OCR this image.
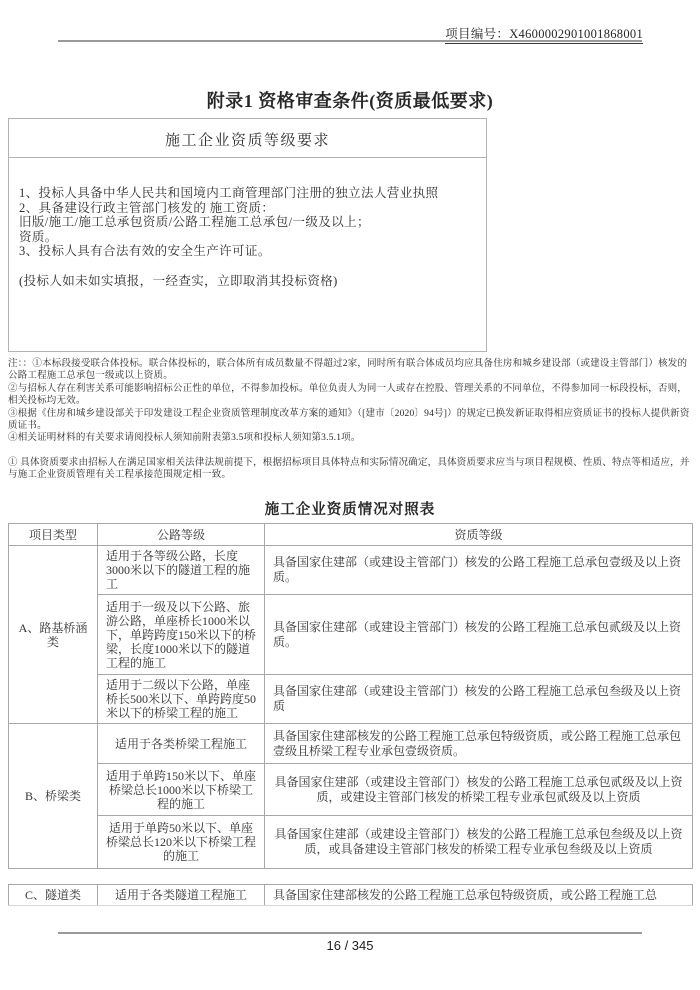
项目编号：X4600002901001868001
附录1 资格审查条件(资质最低要求)
施工企业资质等级要求
1、投标人具备中华人民共和国境内工商管理部门注册的独立法人营业执照
2、具备建设行政主管部门核发的 施工资质：
旧版/施工/施工总承包资质/公路工程施工总承包/一级及以上；
资质。
3、投标人具有合法有效的安全生产许可证。
(投标人如未如实填报，一经查实，立即取消其投标资格)

注：：①本标段接受联合体投标。联合体投标的，联合体所有成员数量不得超过2家，同时所有联合体成员均应具备住房和城乡建设部（或建设主管部门）核发的公路工程施工总承包一级或以上资质。

②与招标人存在利害关系可能影响招标公正性的单位，不得参加投标。单位负责人为同一人或存在控股、管理关系的不同单位，不得参加同一标段投标，否则，相关投标均无效。

③根据《住房和城乡建设部关于印发建设工程企业资质管理制度改革方案的通知》（[建市〔2020〕94号]）的规定已换发新证取得相应资质证书的投标人提供新资质证书。

④相关证明材料的有关要求请阅投标人须知前附表第3.5项和投标人须知第3.5.1项。

① 具体资质要求由招标人在满足国家相关法律法规前提下，根据招标项目具体特点和实际情况确定，具体资质要求应当与项目程规模、性质、特点等相适应，并与施工企业资质管理有关工程承接范围规定相一致。

施工企业资质情况对照表
项目类型	公路等级	资质等级
A、路基桥涵类	适用于各等级公路，长度3000米以下的隧道工程的施工	具备国家住建部（或建设主管部门）核发的公路工程施工总承包壹级及以上资质。
	适用于一级及以下公路、旅游公路，单座桥长1000米以下，单跨跨度150米以下的桥梁，长度1000米以下的隧道工程的施工	具备国家住建部（或建设主管部门）核发的公路工程施工总承包贰级及以上资质。
	适用于二级以下公路，单座桥长500米以下、单跨跨度50米以下的桥梁工程的施工	具备国家住建部（或建设主管部门）核发的公路工程施工总承包叁级及以上资质
B、桥梁类	适用于各类桥梁工程施工	具备国家住建部核发的公路工程施工总承包特级资质，或公路工程施工总承包壹级且桥梁工程专业承包壹级资质。
	适用于单跨150米以下、单座桥梁总长1000米以下桥梁工程的施工	具备国家住建部（或建设主管部门）核发的公路工程施工总承包贰级及以上资质，或建设主管部门核发的桥梁工程专业承包贰级及以上资质
	适用于单跨50米以下、单座桥梁总长120米以下桥梁工程的施工	具备国家住建部（或建设主管部门）核发的公路工程施工总承包叁级及以上资质，或具备建设主管部门核发的桥梁工程专业承包叁级及以上资质
C、隧道类	适用于各类隧道工程施工	具备国家住建部核发的公路工程施工总承包特级资质，或公路工程施工总
16 / 345
